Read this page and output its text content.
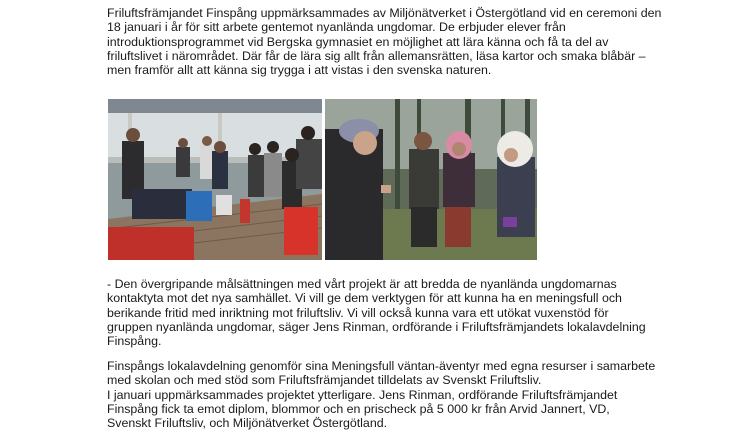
Friluftsfrämjandet Finspång uppmärksammades av Miljönätverket i Östergötland vid en ceremoni den
18 januari i år för sitt arbete gentemot nyanlända ungdomar. De erbjuder elever från
introduktionsprogrammet vid Bergska gymnasiet en möjlighet att lära känna och få ta del av
friluftslivet i närområdet. Där får de lära sig allt från allemansrätten, läsa kartor och smaka blåbär –
men framför allt att känna sig trygga i att vistas i den svenska naturen.

- Den övergripande målsättningen med vårt projekt är att bredda de nyanlända ungdomarnas
kontaktyta mot det nya samhället. Vi vill ge dem verktygen för att kunna ha en meningsfull och
berikande fritid med inriktning mot friluftsliv. Vi vill också kunna vara ett utökat vuxenstöd för
gruppen nyanlända ungdomar, säger Jens Rinman, ordförande i Friluftsfrämjandets lokalavdelning
Finspång.

Finspångs lokalavdelning genomför sina Meningsfull väntan-äventyr med egna resurser i samarbete
med skolan och med stöd som Friluftsfrämjandet tilldelats av Svenskt Friluftsliv.
I januari uppmärksammades projektet ytterligare. Jens Rinman, ordförande Friluftsfrämjandet
Finspång fick ta emot diplom, blommor och en prischeck på 5 000 kr från Arvid Jannert, VD,
Svenskt Friluftsliv, och Miljönätverket Östergötland.
